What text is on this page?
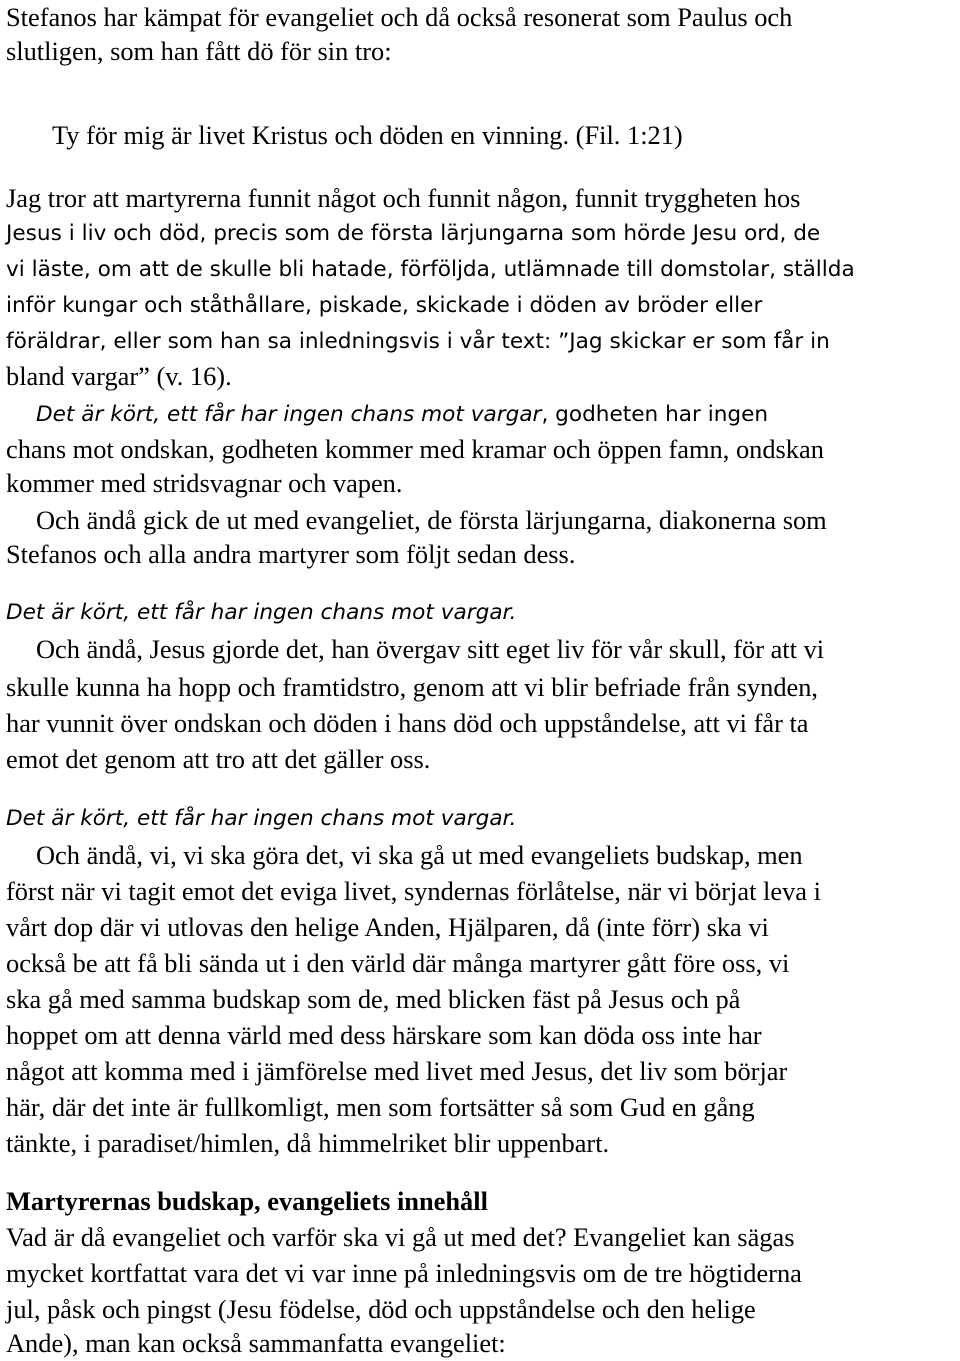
Stefanos har kämpat för evangeliet och då också resonerat som Paulus och
slutligen, som han fått dö för sin tro:
Ty för mig är livet Kristus och döden en vinning. (Fil. 1:21)
Jag tror att martyrerna funnit något och funnit någon, funnit tryggheten hos
Jesus i liv och död, precis som de första lärjungarna som hörde Jesu ord, de
vi läste, om att de skulle bli hatade, förföljda, utlämnade till domstolar, ställda
inför kungar och ståthållare, piskade, skickade i döden av bröder eller
föräldrar, eller som han sa inledningsvis i vår text: ”Jag skickar er som får in
bland vargar” (v. 16).
Det är kört, ett får har ingen chans mot vargar, godheten har ingen
chans mot ondskan, godheten kommer med kramar och öppen famn, ondskan
kommer med stridsvagnar och vapen.
Och ändå gick de ut med evangeliet, de första lärjungarna, diakonerna som
Stefanos och alla andra martyrer som följt sedan dess.
Det är kört, ett får har ingen chans mot vargar.
Och ändå, Jesus gjorde det, han övergav sitt eget liv för vår skull, för att vi
skulle kunna ha hopp och framtidstro, genom att vi blir befriade från synden,
har vunnit över ondskan och döden i hans död och uppståndelse, att vi får ta
emot det genom att tro att det gäller oss.
Det är kört, ett får har ingen chans mot vargar.
Och ändå, vi, vi ska göra det, vi ska gå ut med evangeliets budskap, men
först när vi tagit emot det eviga livet, syndernas förlåtelse, när vi börjat leva i
vårt dop där vi utlovas den helige Anden, Hjälparen, då (inte förr) ska vi
också be att få bli sända ut i den värld där många martyrer gått före oss, vi
ska gå med samma budskap som de, med blicken fäst på Jesus och på
hoppet om att denna värld med dess härskare som kan döda oss inte har
något att komma med i jämförelse med livet med Jesus, det liv som börjar
här, där det inte är fullkomligt, men som fortsätter så som Gud en gång
tänkte, i paradiset/himlen, då himmelriket blir uppenbart.
Martyrernas budskap, evangeliets innehåll
Vad är då evangeliet och varför ska vi gå ut med det? Evangeliet kan sägas
mycket kortfattat vara det vi var inne på inledningsvis om de tre högtiderna
jul, påsk och pingst (Jesu födelse, död och uppståndelse och den helige
Ande), man kan också sammanfatta evangeliet:
